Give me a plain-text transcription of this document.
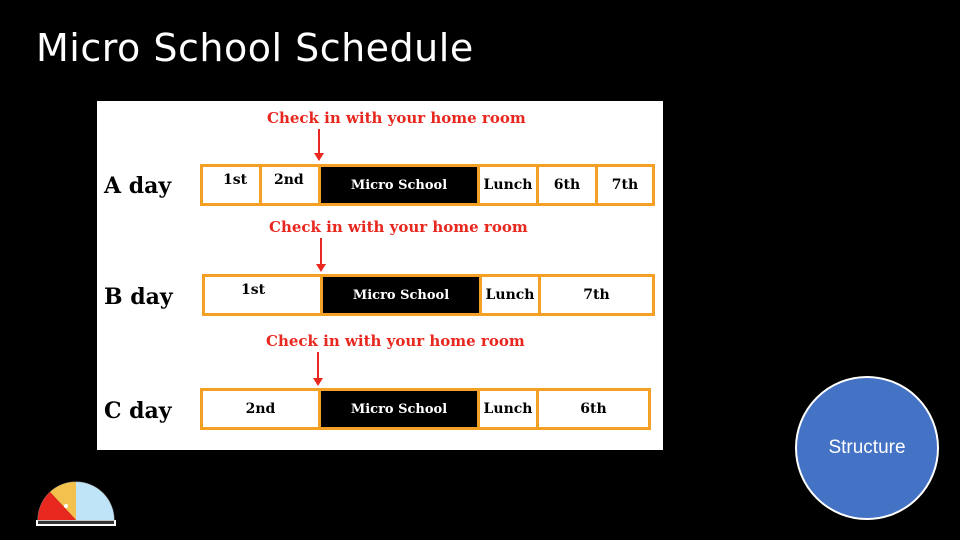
Micro School Schedule
Check in with your home room
A day	1st	2nd	Micro School	Lunch	6th	7th
Check in with your home room
B day	1st	Micro School	Lunch	7th
Check in with your home room
C day	2nd	Micro School	Lunch	6th
Structure
